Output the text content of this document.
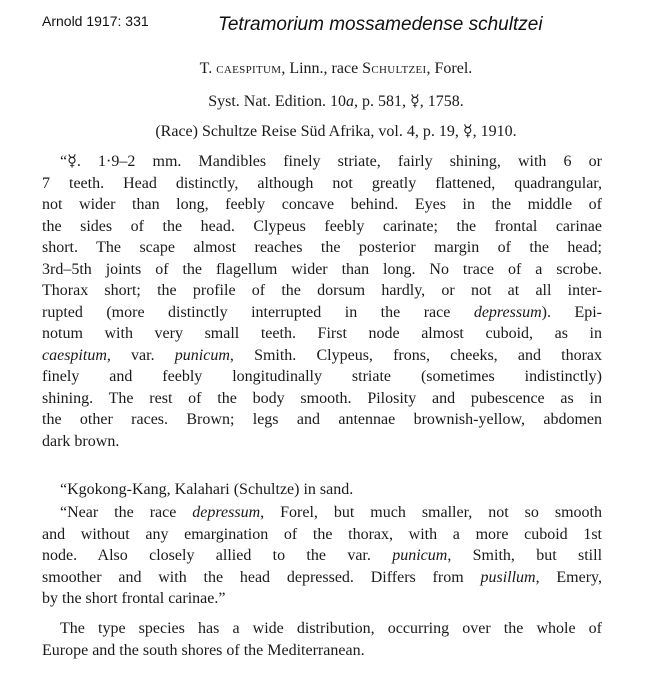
Arnold 1917: 331	Tetramorium mossamedense schultzei
T. caespitum, Linn., race Schultzei, Forel.
Syst. Nat. Edition. 10a, p. 581, ☿, 1758.
(Race) Schultze Reise Süd Afrika, vol. 4, p. 19, ☿, 1910.
“☿. 1·9–2 mm. Mandibles finely striate, fairly shining, with 6 or
7 teeth. Head distinctly, although not greatly flattened, quadrangular,
not wider than long, feebly concave behind. Eyes in the middle of
the sides of the head. Clypeus feebly carinate; the frontal carinae
short. The scape almost reaches the posterior margin of the head;
3rd–5th joints of the flagellum wider than long. No trace of a scrobe.
Thorax short; the profile of the dorsum hardly, or not at all inter-
rupted (more distinctly interrupted in the race depressum). Epi-
notum with very small teeth. First node almost cuboid, as in
caespitum, var. punicum, Smith. Clypeus, frons, cheeks, and thorax
finely and feebly longitudinally striate (sometimes indistinctly)
shining. The rest of the body smooth. Pilosity and pubescence as in
the other races. Brown; legs and antennae brownish-yellow, abdomen
dark brown.
“Kgokong-Kang, Kalahari (Schultze) in sand.
“Near the race depressum, Forel, but much smaller, not so smooth
and without any emargination of the thorax, with a more cuboid 1st
node. Also closely allied to the var. punicum, Smith, but still
smoother and with the head depressed. Differs from pusillum, Emery,
by the short frontal carinae.”
The type species has a wide distribution, occurring over the whole of
Europe and the south shores of the Mediterranean.
